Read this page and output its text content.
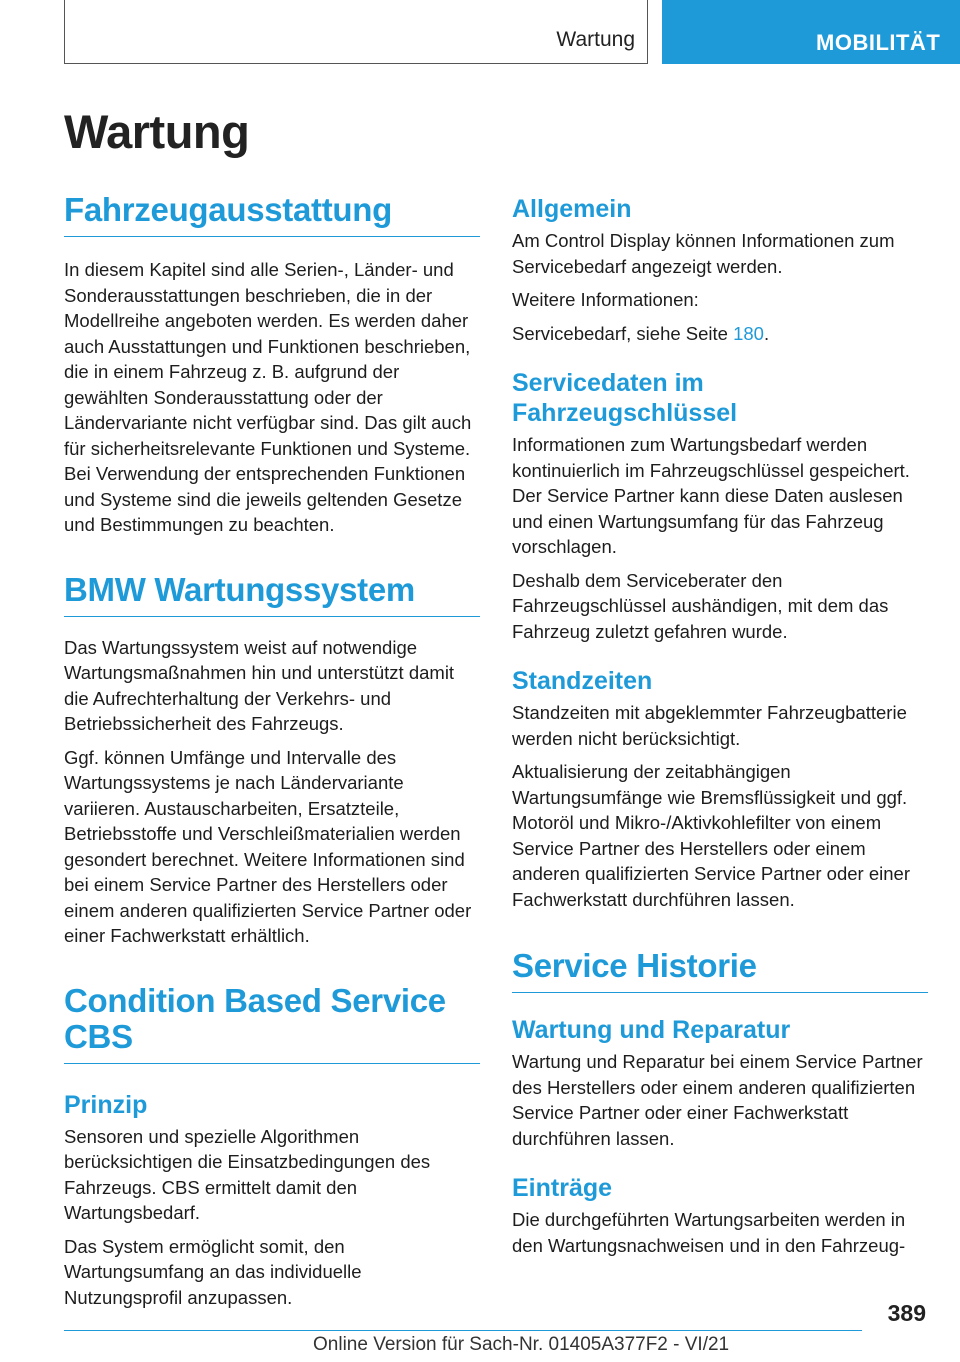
Wartung	MOBILITÄT
Wartung
Fahrzeugausstattung

In diesem Kapitel sind alle Serien-, Länder- und Sonderausstattungen beschrieben, die in der Modellreihe angeboten werden. Es werden daher auch Ausstattungen und Funktionen beschrieben, die in einem Fahrzeug z. B. aufgrund der gewählten Sonderausstattung oder der Ländervariante nicht verfügbar sind. Das gilt auch für sicherheitsrelevante Funktionen und Systeme. Bei Verwendung der entsprechenden Funktionen und Systeme sind die jeweils geltenden Gesetze und Bestimmungen zu beachten.

BMW Wartungssystem

Das Wartungssystem weist auf notwendige Wartungsmaßnahmen hin und unterstützt damit die Aufrechterhaltung der Verkehrs- und Betriebssicherheit des Fahrzeugs.

Ggf. können Umfänge und Intervalle des Wartungssystems je nach Ländervariante variieren. Austauscharbeiten, Ersatzteile, Betriebsstoffe und Verschleißmaterialien werden gesondert berechnet. Weitere Informationen sind bei einem Service Partner des Herstellers oder einem anderen qualifizierten Service Partner oder einer Fachwerkstatt erhältlich.

Condition Based Service CBS
Prinzip

Sensoren und spezielle Algorithmen berücksichtigen die Einsatzbedingungen des Fahrzeugs. CBS ermittelt damit den Wartungsbedarf.

Das System ermöglicht somit, den Wartungsumfang an das individuelle Nutzungsprofil anzupassen.

Allgemein

Am Control Display können Informationen zum Servicebedarf angezeigt werden.

Weitere Informationen:

Servicebedarf, siehe Seite 180.

Servicedaten im Fahrzeugschlüssel

Informationen zum Wartungsbedarf werden kontinuierlich im Fahrzeugschlüssel gespeichert. Der Service Partner kann diese Daten auslesen und einen Wartungsumfang für das Fahrzeug vorschlagen.

Deshalb dem Serviceberater den Fahrzeugschlüssel aushändigen, mit dem das Fahrzeug zuletzt gefahren wurde.

Standzeiten

Standzeiten mit abgeklemmter Fahrzeugbatterie werden nicht berücksichtigt.

Aktualisierung der zeitabhängigen Wartungsumfänge wie Bremsflüssigkeit und ggf. Motoröl und Mikro-/Aktivkohlefilter von einem Service Partner des Herstellers oder einem anderen qualifizierten Service Partner oder einer Fachwerkstatt durchführen lassen.

Service Historie
Wartung und Reparatur

Wartung und Reparatur bei einem Service Partner des Herstellers oder einem anderen qualifizierten Service Partner oder einer Fachwerkstatt durchführen lassen.

Einträge

Die durchgeführten Wartungsarbeiten werden in den Wartungsnachweisen und in den Fahrzeug-

389
Online Version für Sach-Nr. 01405A377F2 - VI/21
